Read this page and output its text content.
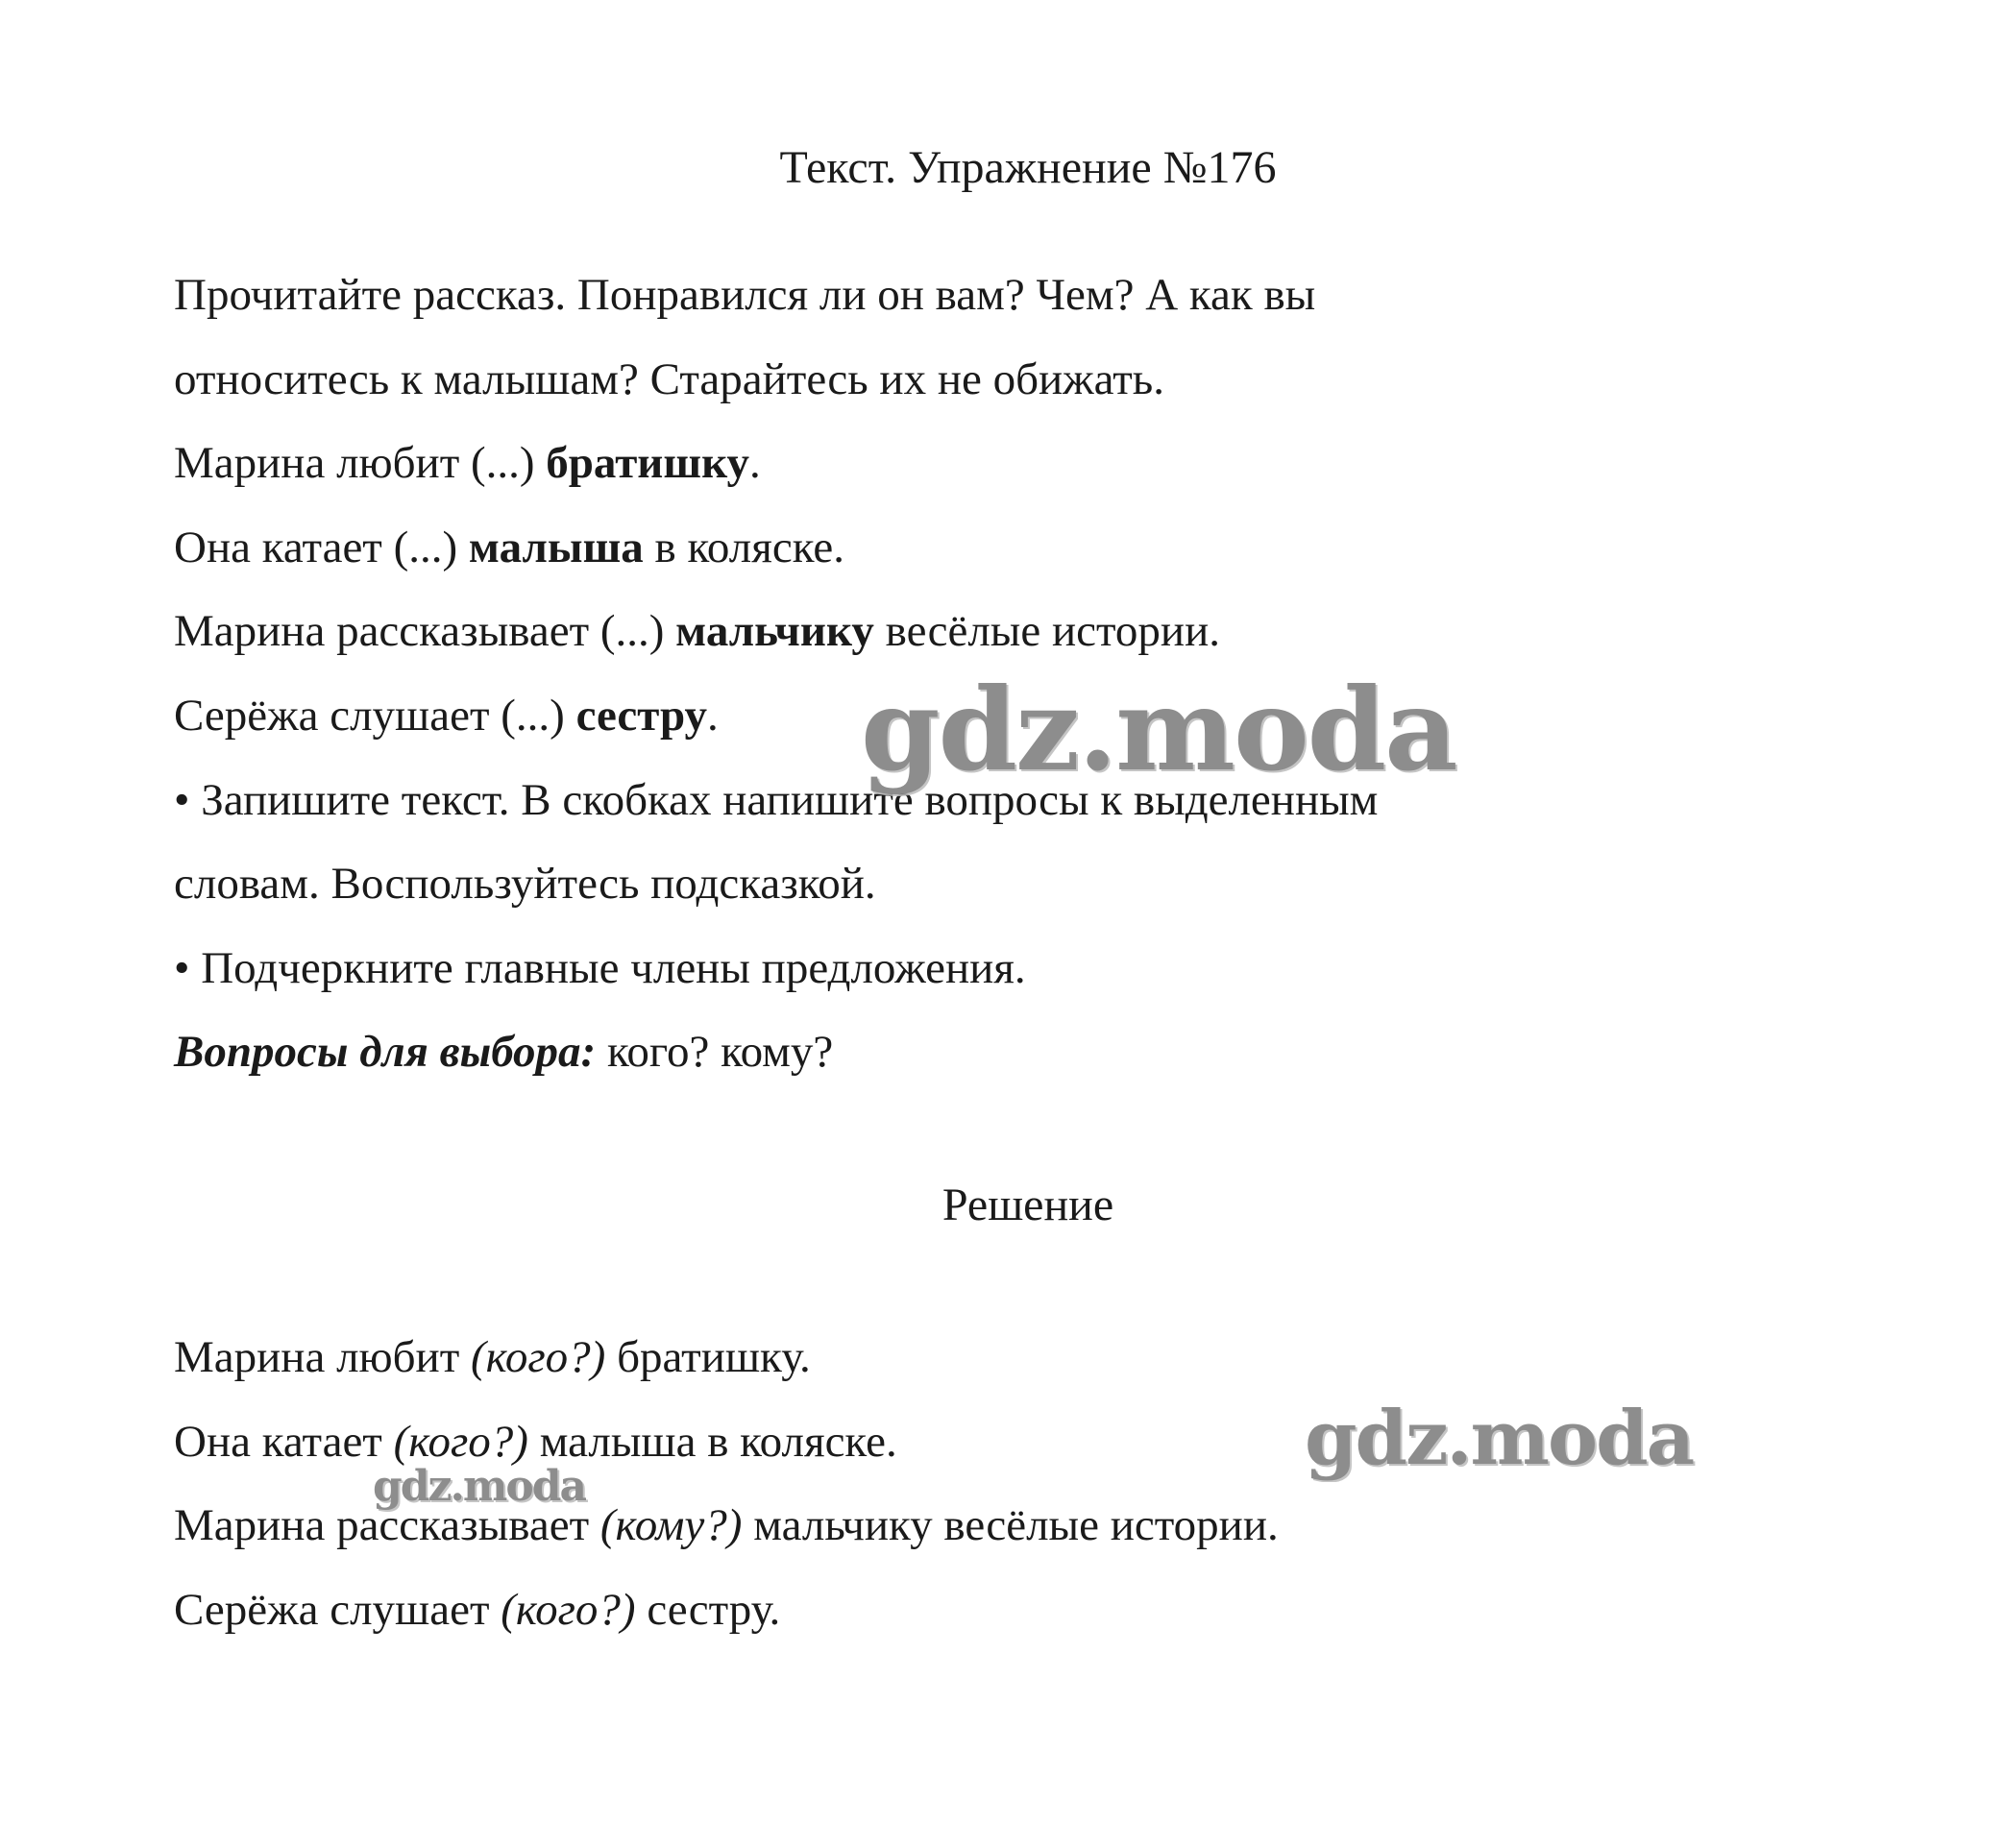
Текст. Упражнение №176
Прочитайте рассказ. Понравился ли он вам? Чем? А как вы
относитесь к малышам? Старайтесь их не обижать.
Марина любит (...) братишку.
Она катает (...) малыша в коляске.
Марина рассказывает (...) мальчику весёлые истории.
Серёжа слушает (...) сестру.
• Запишите текст. В скобках напишите вопросы к выделенным
словам. Воспользуйтесь подсказкой.
• Подчеркните главные члены предложения.
Вопросы для выбора: кого? кому?
Решение
Марина любит (кого?) братишку.
Она катает (кого?) малыша в коляске.
Марина рассказывает (кому?) мальчику весёлые истории.
Серёжа слушает (кого?) сестру.
gdz.moda
gdz.moda
gdz.moda
